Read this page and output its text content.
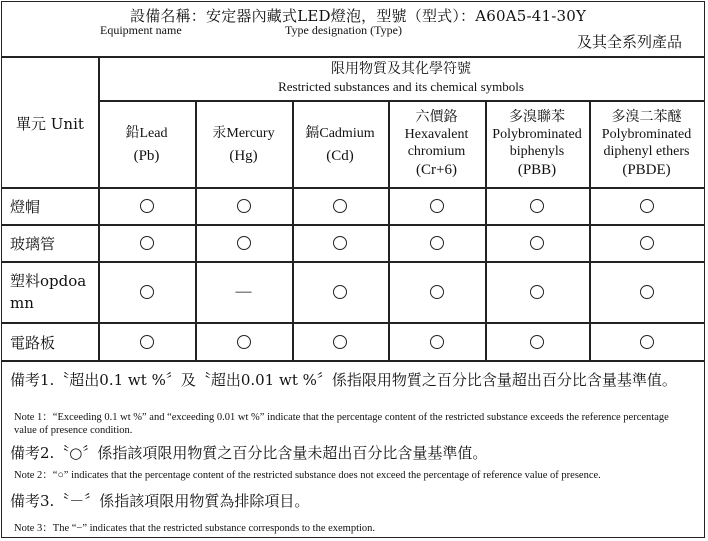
設備名稱：安定器內藏式LED燈泡，型號（型式）：A60A5-41-30Y
Equipment name	Type designation (Type)
及其全系列產品
單元 Unit
限用物質及其化學符號
Restricted substances and its chemical symbols
鉛Lead
(Pb)
汞Mercury
(Hg)
鎘Cadmium
(Cd)
六價鉻
Hexavalent chromium
(Cr+6)
多溴聯苯
Polybrominated biphenyls
(PBB)
多溴二苯醚
Polybrominated diphenyl ethers
(PBDE)
燈帽
玻璃管
塑料opdoamn
電路板
—
備考1.〝超出0.1 wt %〞及〝超出0.01 wt %〞係指限用物質之百分比含量超出百分比含量基準值。
Note 1：“Exceeding 0.1 wt %” and “exceeding 0.01 wt %” indicate that the percentage content of the restricted substance exceeds the reference percentage value of presence condition.
備考2.〝○〞係指該項限用物質之百分比含量未超出百分比含量基準值。
Note 2：“○” indicates that the percentage content of the restricted substance does not exceed the percentage of reference value of presence.
備考3.〝－〞係指該項限用物質為排除項目。
Note 3：The “−” indicates that the restricted substance corresponds to the exemption.
